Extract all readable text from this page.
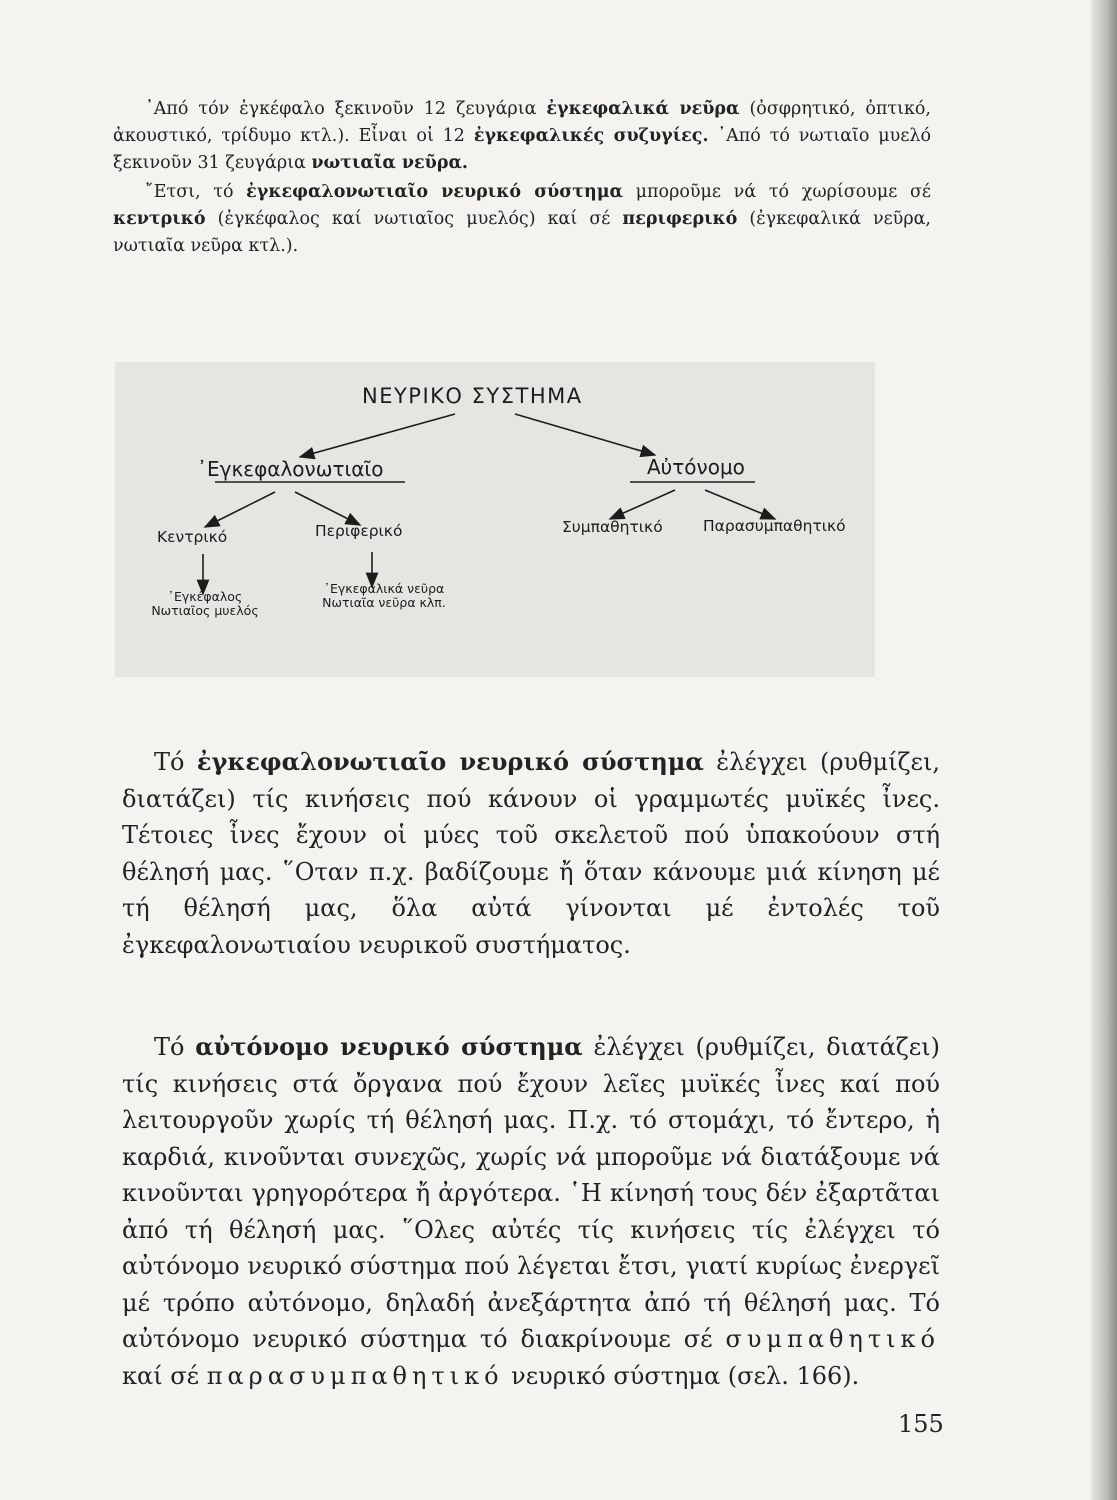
᾿Από τόν ἐγκέφαλο ξεκινοῦν 12 ζευγάρια ἐγκεφαλικά νεῦρα (ὀσφρητικό, ὀπτικό, ἀκουστικό, τρίδυμο κτλ.). Εἶναι οἱ 12 ἐγκεφαλικές συζυγίες. ᾿Από τό νωτιαῖο μυελό ξεκινοῦν 31 ζευγάρια νωτιαῖα νεῦρα.

῎Ετσι, τό ἐγκεφαλονωτιαῖο νευρικό σύστημα μποροῦμε νά τό χωρίσουμε σέ κεντρικό (ἐγκέφαλος καί νωτιαῖος μυελός) καί σέ περιφερικό (ἐγκεφαλικά νεῦρα, νωτιαῖα νεῦρα κτλ.).

ΝΕΥΡΙΚΟ ΣΥΣΤΗΜΑ

᾿Εγκεφαλονωτιαῖο	Αὐτόνομο

Κεντρικό	Περιφερικό	Συμπαθητικό	Παρασυμπαθητικό

᾿Εγκέφαλος
Νωτιαῖος μυελός
᾿Εγκεφαλικά νεῦρα
Νωτιαῖα νεῦρα κλπ.

Τό ἐγκεφαλονωτιαῖο νευρικό σύστημα ἐλέγχει (ρυθμίζει, διατάζει) τίς κινήσεις πού κάνουν οἱ γραμμωτές μυϊκές ἶνες. Τέτοιες ἶνες ἔχουν οἱ μύες τοῦ σκελετοῦ πού ὑπακούουν στή θέλησή μας. ῞Οταν π.χ. βαδίζουμε ἤ ὅταν κάνουμε μιά κίνηση μέ τή θέλησή μας, ὅλα αὐτά γίνονται μέ ἐντολές τοῦ ἐγκεφαλονωτιαίου νευρικοῦ συστήματος.

Τό αὐτόνομο νευρικό σύστημα ἐλέγχει (ρυθμίζει, διατάζει) τίς κινήσεις στά ὄργανα πού ἔχουν λεῖες μυϊκές ἶνες καί πού λειτουργοῦν χωρίς τή θέλησή μας. Π.χ. τό στομάχι, τό ἔντερο, ἡ καρδιά, κινοῦνται συνεχῶς, χωρίς νά μποροῦμε νά διατάξουμε νά κινοῦνται γρηγορότερα ἤ ἀργότερα. ῾Η κίνησή τους δέν ἐξαρτᾶται ἀπό τή θέλησή μας. ῞Ολες αὐτές τίς κινήσεις τίς ἐλέγχει τό αὐτόνομο νευρικό σύστημα πού λέγεται ἔτσι, γιατί κυρίως ἐνεργεῖ μέ τρόπο αὐτόνομο, δηλαδή ἀνεξάρτητα ἀπό τή θέλησή μας. Τό αὐτόνομο νευρικό σύστημα τό διακρίνουμε σέ συμπαθητικό καί σέ παρασυμπαθητικό νευρικό σύστημα (σελ. 166).

155
